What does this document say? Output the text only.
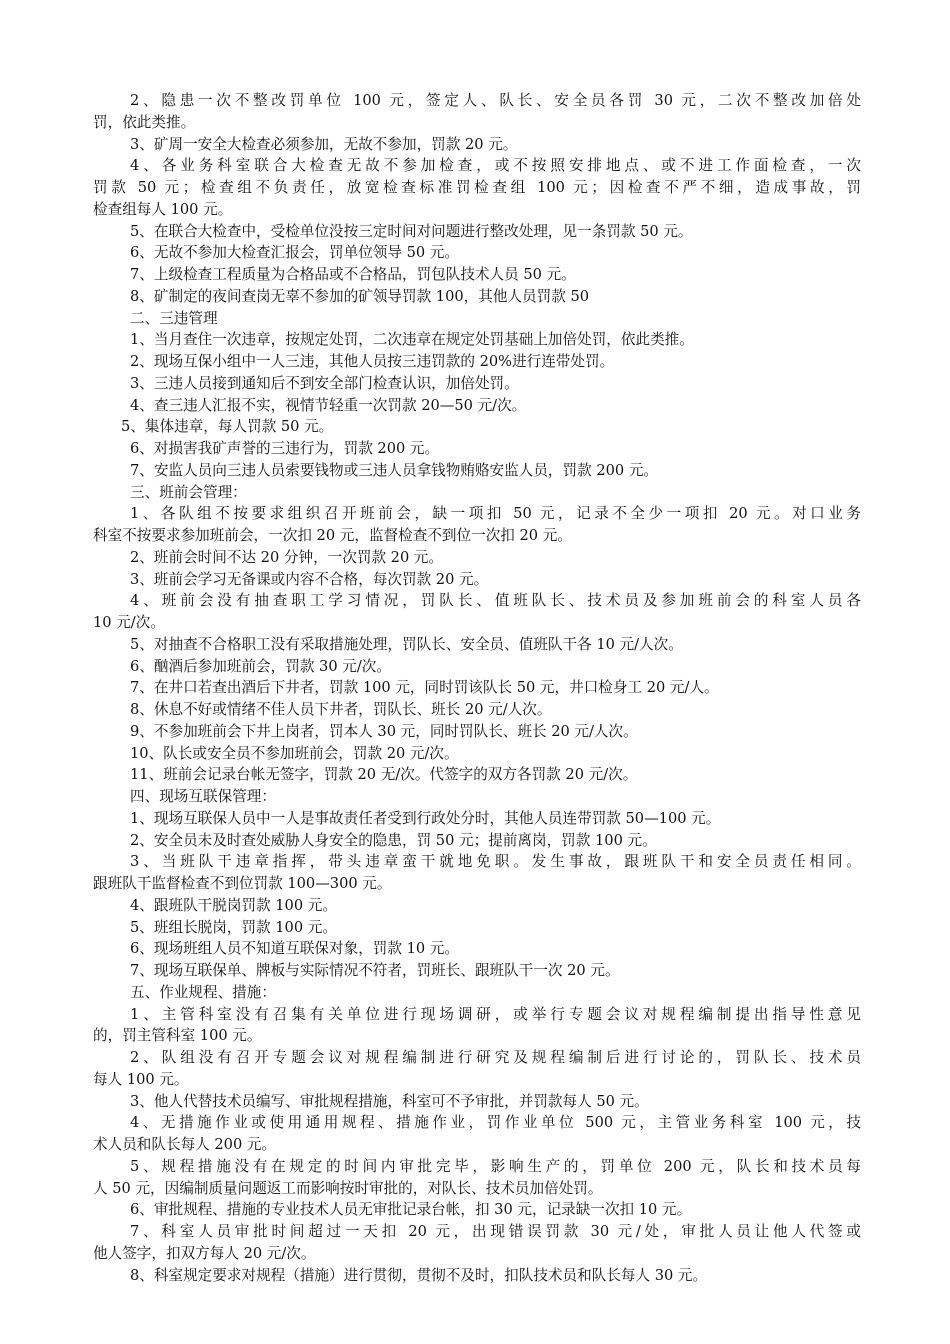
2、隐患一次不整改罚单位 100 元，签定人、队长、安全员各罚 30 元，二次不整改加倍处
罚，依此类推。
3、矿周一安全大检查必须参加，无故不参加，罚款 20 元。
4、各业务科室联合大检查无故不参加检查，或不按照安排地点、或不进工作面检查，一次
罚款 50 元；检查组不负责任，放宽检查标准罚检查组 100 元；因检查不严不细，造成事故，罚
检查组每人 100 元。
5、在联合大检查中，受检单位没按三定时间对问题进行整改处理，见一条罚款 50 元。
6、无故不参加大检查汇报会，罚单位领导 50 元。
7、上级检查工程质量为合格品或不合格品，罚包队技术人员 50 元。
8、矿制定的夜间查岗无辜不参加的矿领导罚款 100，其他人员罚款 50
二、三违管理
1、当月查住一次违章，按规定处罚，二次违章在规定处罚基础上加倍处罚，依此类推。
2、现场互保小组中一人三违，其他人员按三违罚款的 20%进行连带处罚。
3、三违人员接到通知后不到安全部门检查认识，加倍处罚。
4、查三违人汇报不实，视情节轻重一次罚款 20—50 元/次。
5、集体违章，每人罚款 50 元。
6、对损害我矿声誉的三违行为，罚款 200 元。
7、安监人员向三违人员索要钱物或三违人员拿钱物贿赂安监人员，罚款 200 元。
三、班前会管理：
1、各队组不按要求组织召开班前会，缺一项扣 50 元，记录不全少一项扣 20 元。对口业务
科室不按要求参加班前会，一次扣 20 元，监督检查不到位一次扣 20 元。
2、班前会时间不达 20 分钟，一次罚款 20 元。
3、班前会学习无备课或内容不合格，每次罚款 20 元。
4、班前会没有抽查职工学习情况，罚队长、值班队长、技术员及参加班前会的科室人员各
10 元/次。
5、对抽查不合格职工没有采取措施处理，罚队长、安全员、值班队干各 10 元/人次。
6、酗酒后参加班前会，罚款 30 元/次。
7、在井口若查出酒后下井者，罚款 100 元，同时罚该队长 50 元，井口检身工 20 元/人。
8、休息不好或情绪不佳人员下井者，罚队长、班长 20 元/人次。
9、不参加班前会下井上岗者，罚本人 30 元，同时罚队长、班长 20 元/人次。
10、队长或安全员不参加班前会，罚款 20 元/次。
11、班前会记录台帐无签字，罚款 20 无/次。代签字的双方各罚款 20 元/次。
四、现场互联保管理：
1、现场互联保人员中一人是事故责任者受到行政处分时，其他人员连带罚款 50—100 元。
2、安全员未及时查处威胁人身安全的隐患，罚 50 元；提前离岗，罚款 100 元。
3、当班队干违章指挥，带头违章蛮干就地免职。发生事故，跟班队干和安全员责任相同。
跟班队干监督检查不到位罚款 100—300 元。
4、跟班队干脱岗罚款 100 元。
5、班组长脱岗，罚款 100 元。
6、现场班组人员不知道互联保对象，罚款 10 元。
7、现场互联保单、牌板与实际情况不符者，罚班长、跟班队干一次 20 元。
五、作业规程、措施：
1、主管科室没有召集有关单位进行现场调研，或举行专题会议对规程编制提出指导性意见
的，罚主管科室 100 元。
2、队组没有召开专题会议对规程编制进行研究及规程编制后进行讨论的，罚队长、技术员
每人 100 元。
3、他人代替技术员编写、审批规程措施，科室可不予审批，并罚款每人 50 元。
4、无措施作业或使用通用规程、措施作业，罚作业单位 500 元，主管业务科室 100 元，技
术人员和队长每人 200 元。
5、规程措施没有在规定的时间内审批完毕，影响生产的，罚单位 200 元，队长和技术员每
人 50 元，因编制质量问题返工而影响按时审批的，对队长、技术员加倍处罚。
6、审批规程、措施的专业技术人员无审批记录台帐，扣 30 元，记录缺一次扣 10 元。
7、科室人员审批时间超过一天扣 20 元，出现错误罚款 30 元/处，审批人员让他人代签或
他人签字，扣双方每人 20 元/次。
8、科室规定要求对规程（措施）进行贯彻，贯彻不及时，扣队技术员和队长每人 30 元。
